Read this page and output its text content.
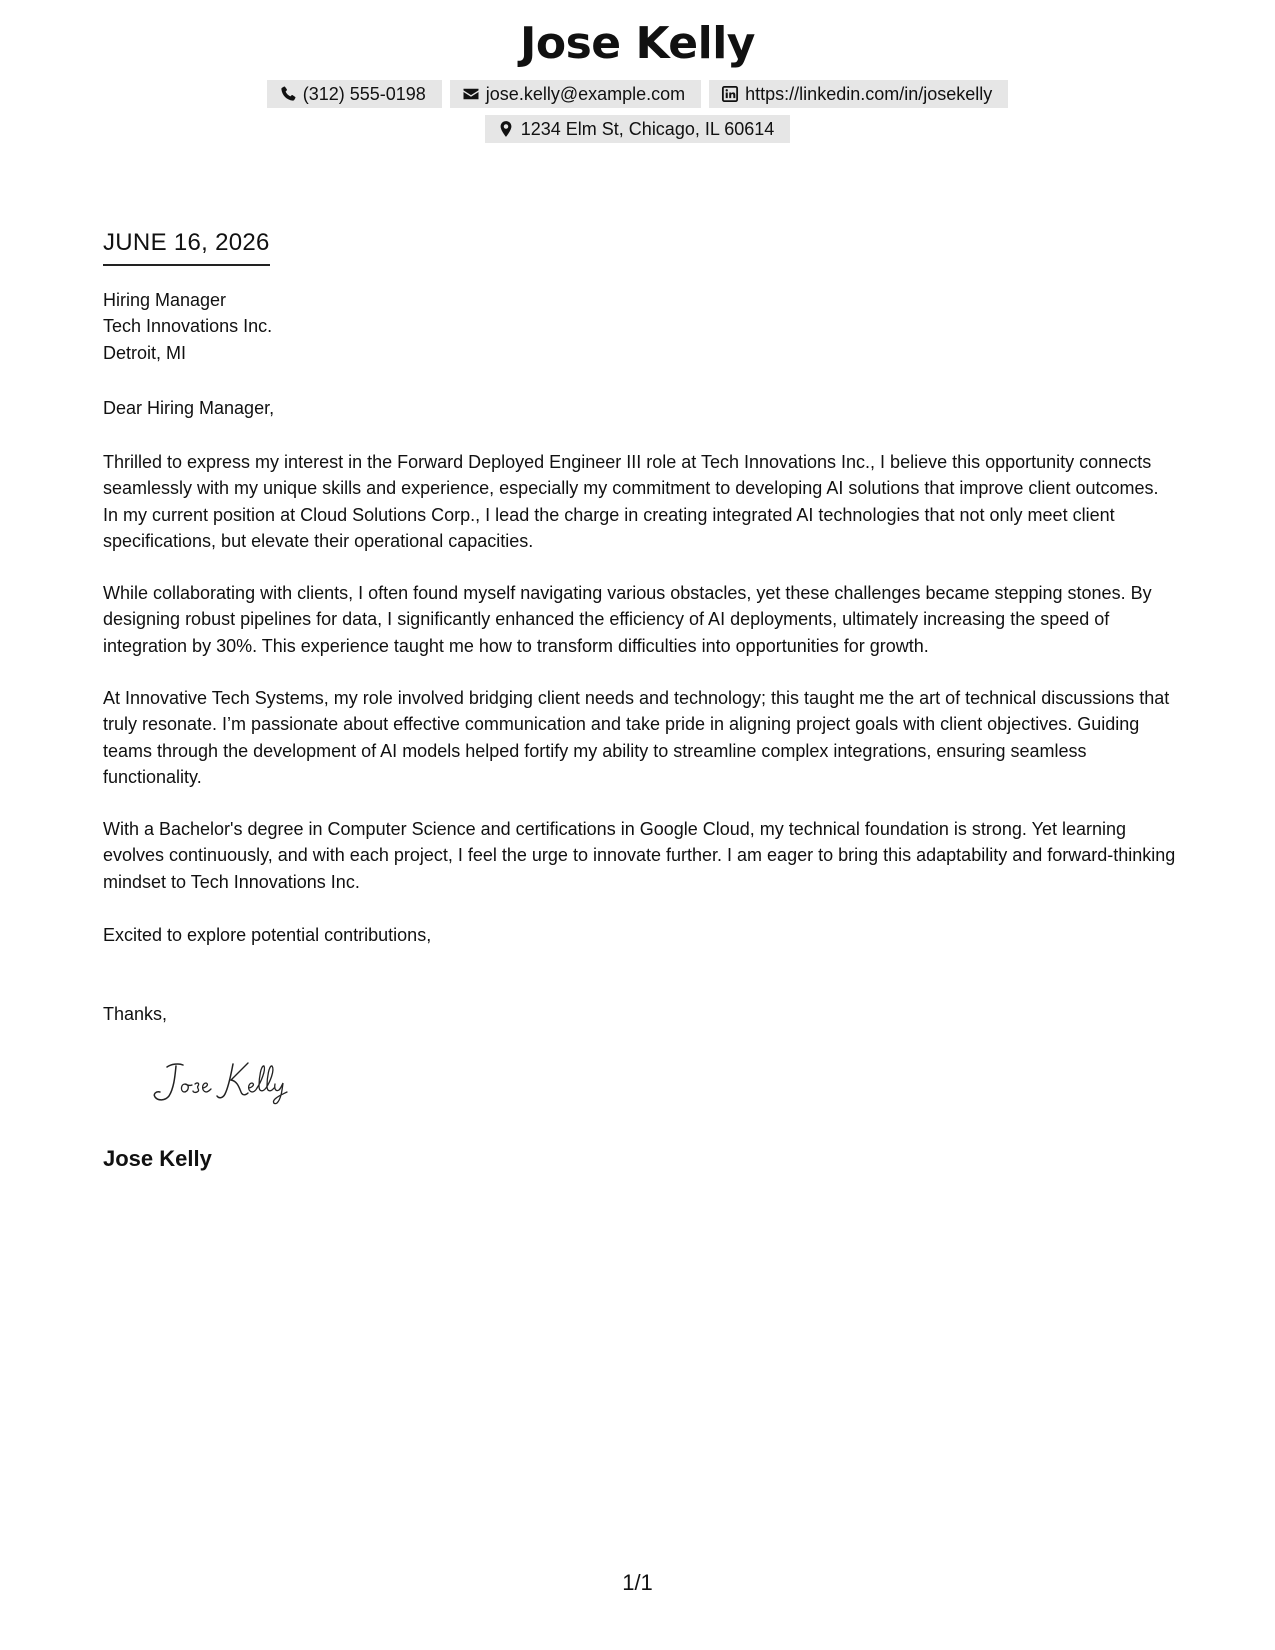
Jose Kelly
(312) 555-0198	jose.kelly@example.com	https://linkedin.com/in/josekelly
1234 Elm St, Chicago, IL 60614
JUNE 16, 2026
Hiring Manager
Tech Innovations Inc.
Detroit, MI

Dear Hiring Manager,

Thrilled to express my interest in the Forward Deployed Engineer III role at Tech Innovations Inc., I believe this opportunity connects seamlessly with my unique skills and experience, especially my commitment to developing AI solutions that improve client outcomes. In my current position at Cloud Solutions Corp., I lead the charge in creating integrated AI technologies that not only meet client specifications, but elevate their operational capacities.

While collaborating with clients, I often found myself navigating various obstacles, yet these challenges became stepping stones. By designing robust pipelines for data, I significantly enhanced the efficiency of AI deployments, ultimately increasing the speed of integration by 30%. This experience taught me how to transform difficulties into opportunities for growth.

At Innovative Tech Systems, my role involved bridging client needs and technology; this taught me the art of technical discussions that truly resonate. I’m passionate about effective communication and take pride in aligning project goals with client objectives. Guiding teams through the development of AI models helped fortify my ability to streamline complex integrations, ensuring seamless functionality.

With a Bachelor's degree in Computer Science and certifications in Google Cloud, my technical foundation is strong. Yet learning evolves continuously, and with each project, I feel the urge to innovate further. I am eager to bring this adaptability and forward-thinking mindset to Tech Innovations Inc.

Excited to explore potential contributions,

Thanks,

Jose Kelly
1/1
